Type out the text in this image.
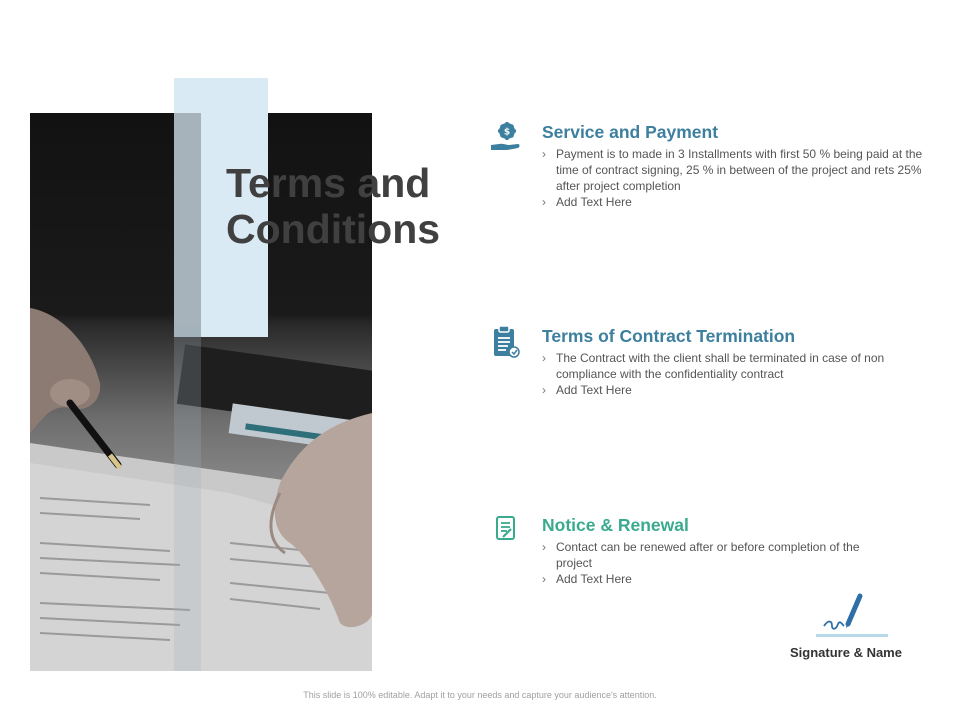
Terms and
Conditions
$ Service and Payment
› Payment is to made in 3 Installments with first 50 % being paid at the time of contract signing, 25 % in between of the project and rets 25% after project completion
› Add Text Here
Terms of Contract Termination
› The Contract with the client shall be terminated in case of non compliance with the confidentiality contract
› Add Text Here
Notice & Renewal
› Contact can be renewed after or before completion of the project
› Add Text Here
Signature & Name
This slide is 100% editable. Adapt it to your needs and capture your audience's attention.
